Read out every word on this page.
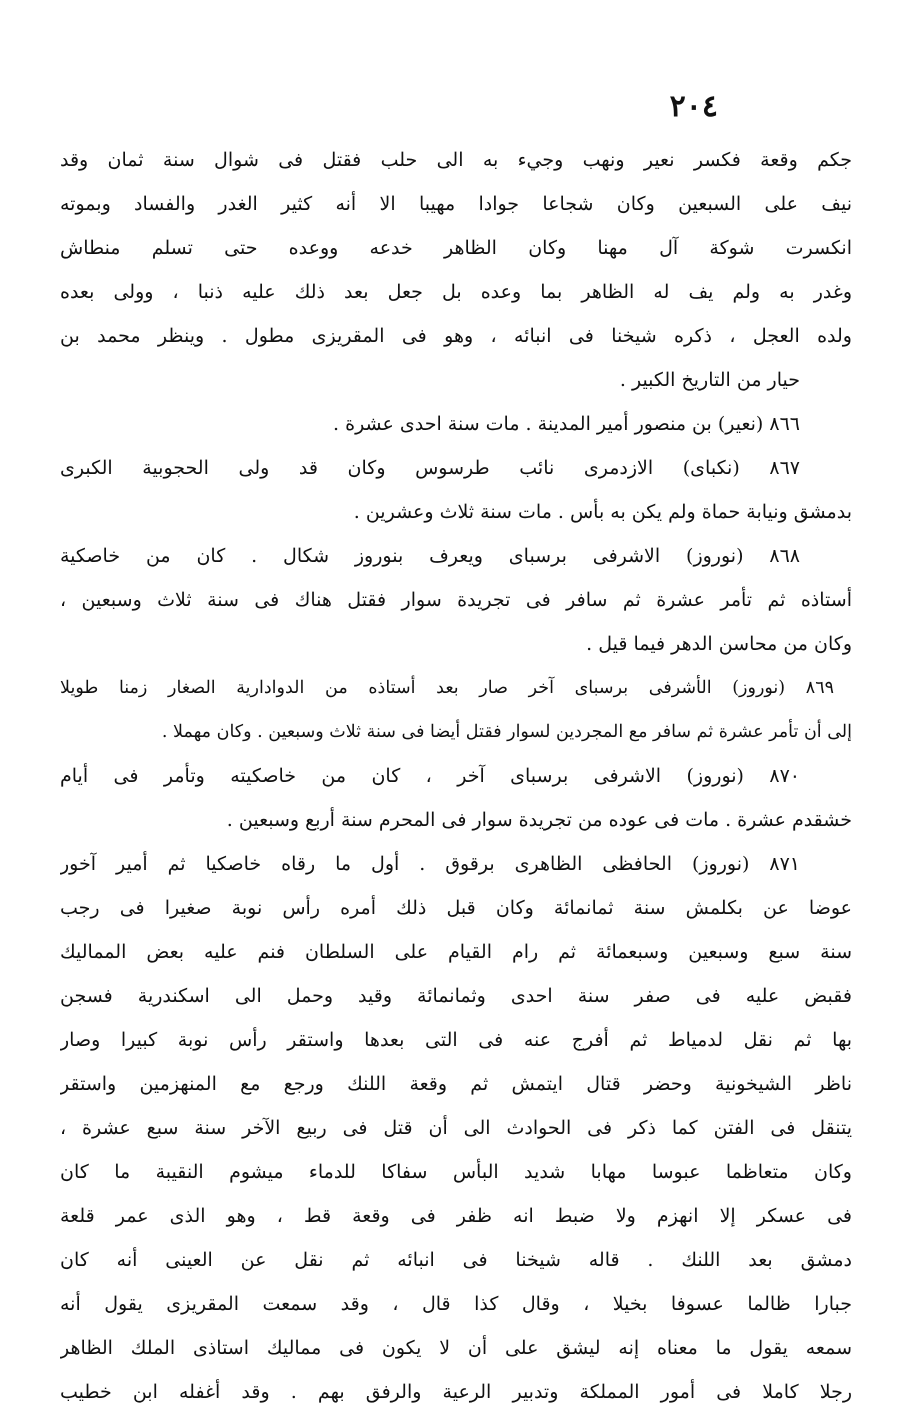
٢٠٤
جكم وقعة فكسر نعير ونهب وجيء به الى حلب فقتل فى شوال سنة ثمان وقد
نيف على السبعين وكان شجاعا جوادا مهيبا الا أنه كثير الغدر والفساد وبموته
انكسرت شوكة آل مهنا وكان الظاهر خدعه ووعده حتى تسلم منطاش
وغدر به ولم يف له الظاهر بما وعده بل جعل بعد ذلك عليه ذنبا ، وولى بعده
ولده العجل ، ذكره شيخنا فى انبائه ، وهو فى المقريزى مطول . وينظر محمد بن
حيار من التاريخ الكبير .
٨٦٦ (نعير) بن منصور أمير المدينة . مات سنة احدى عشرة .
٨٦٧ (نكباى) الازدمرى نائب طرسوس وكان قد ولى الحجوبية الكبرى
بدمشق ونيابة حماة ولم يكن به بأس . مات سنة ثلاث وعشرين .
٨٦٨ (نوروز) الاشرفى برسباى ويعرف بنوروز شكال . كان من خاصكية
أستاذه ثم تأمر عشرة ثم سافر فى تجريدة سوار فقتل هناك فى سنة ثلاث وسبعين ،
وكان من محاسن الدهر فيما قيل .
٨٦٩ (نوروز) الأشرفى برسباى آخر صار بعد أستاذه من الدوادارية الصغار زمنا طويلا
إلى أن تأمر عشرة ثم سافر مع المجردين لسوار فقتل أيضا فى سنة ثلاث وسبعين . وكان مهملا .
٨٧٠ (نوروز) الاشرفى برسباى آخر ، كان من خاصكيته وتأمر فى أيام
خشقدم عشرة . مات فى عوده من تجريدة سوار فى المحرم سنة أربع وسبعين .
٨٧١ (نوروز) الحافظى الظاهرى برقوق . أول ما رقاه خاصكيا ثم أمير آخور
عوضا عن بكلمش سنة ثمانمائة وكان قبل ذلك أمره رأس نوبة صغيرا فى رجب
سنة سبع وسبعين وسبعمائة ثم رام القيام على السلطان فنم عليه بعض المماليك
فقبض عليه فى صفر سنة احدى وثمانمائة وقيد وحمل الى اسكندرية فسجن
بها ثم نقل لدمياط ثم أفرج عنه فى التى بعدها واستقر رأس نوبة كبيرا وصار
ناظر الشيخونية وحضر قتال ايتمش ثم وقعة اللنك ورجع مع المنهزمين واستقر
يتنقل فى الفتن كما ذكر فى الحوادث الى أن قتل فى ربيع الآخر سنة سبع عشرة ،
وكان متعاظما عبوسا مهابا شديد البأس سفاكا للدماء ميشوم النقيبة ما كان
فى عسكر إلا انهزم ولا ضبط انه ظفر فى وقعة قط ، وهو الذى عمر قلعة
دمشق بعد اللنك . قاله شيخنا فى انبائه ثم نقل عن العينى أنه كان
جبارا ظالما عسوفا بخيلا ، وقال كذا قال ، وقد سمعت المقريزى يقول أنه
سمعه يقول ما معناه إنه ليشق على أن لا يكون فى مماليك استاذى الملك الظاهر
رجلا كاملا فى أمور المملكة وتدبير الرعية والرفق بهم . وقد أغفله ابن خطيب
